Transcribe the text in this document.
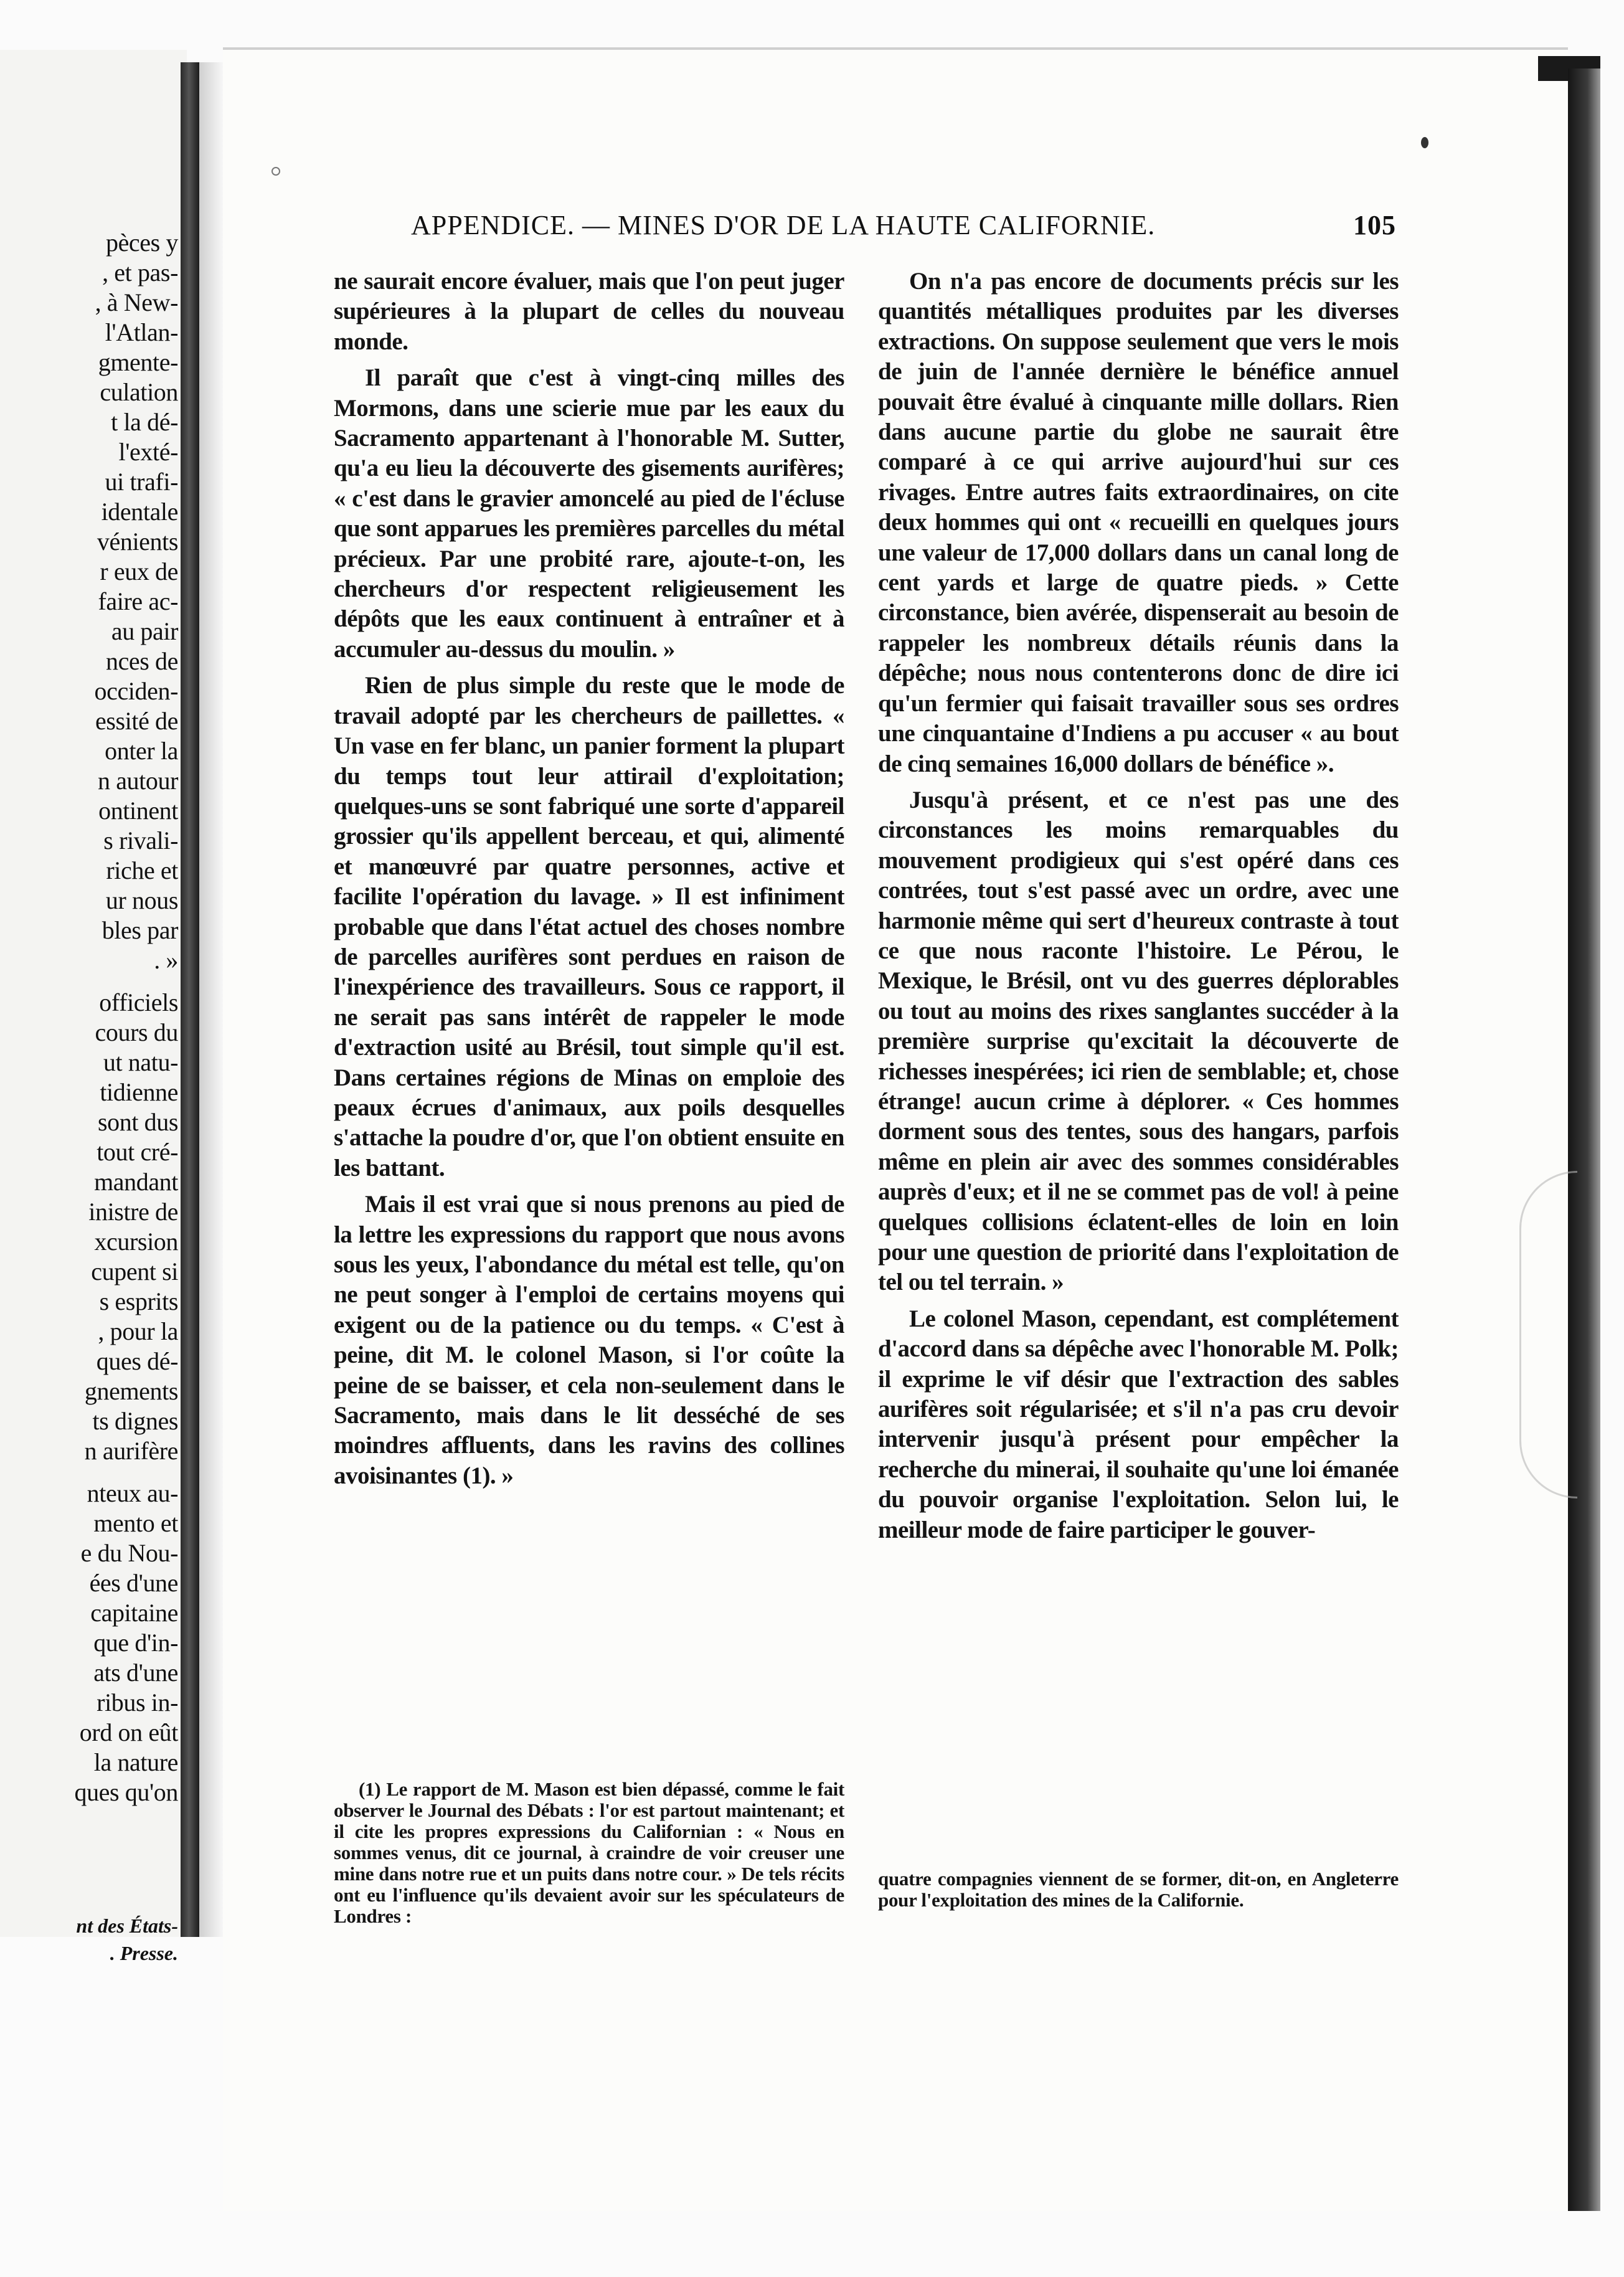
pèces y
, et pas-
, à New-
l'Atlan-
gmente-
culation
t la dé-
l'exté-
ui trafi-
identale
vénients
r eux de
faire ac-
au pair
nces de
occiden-
essité de
onter la
n autour
ontinent
s rivali-
riche et
ur nous
bles par
. »
officiels
cours du
ut natu-
tidienne
sont dus
tout cré-
mandant
inistre de
xcursion
cupent si
s esprits
, pour la
ques dé-
gnements
ts dignes
n aurifère
nteux au-
mento et
e du Nou-
ées d'une
capitaine
que d'in-
ats d'une
ribus in-
ord on eût
la nature
ques qu'on
nt des États-
. Presse.
APPENDICE. — MINES D'OR DE LA HAUTE CALIFORNIE.	105

ne saurait encore évaluer, mais que l'on peut juger supérieures à la plupart de celles du nouveau monde.

Il paraît que c'est à vingt-cinq milles des Mormons, dans une scierie mue par les eaux du Sacramento appartenant à l'honorable M. Sutter, qu'a eu lieu la découverte des gisements aurifères; « c'est dans le gravier amoncelé au pied de l'écluse que sont apparues les premières parcelles du métal précieux. Par une probité rare, ajoute-t-on, les chercheurs d'or respectent religieusement les dépôts que les eaux continuent à entraîner et à accumuler au-dessus du moulin. »

Rien de plus simple du reste que le mode de travail adopté par les chercheurs de paillettes. « Un vase en fer blanc, un panier forment la plupart du temps tout leur attirail d'exploitation; quelques-uns se sont fabriqué une sorte d'appareil grossier qu'ils appellent berceau, et qui, alimenté et manœuvré par quatre personnes, active et facilite l'opération du lavage. » Il est infiniment probable que dans l'état actuel des choses nombre de parcelles aurifères sont perdues en raison de l'inexpérience des travailleurs. Sous ce rapport, il ne serait pas sans intérêt de rappeler le mode d'extraction usité au Brésil, tout simple qu'il est. Dans certaines régions de Minas on emploie des peaux écrues d'animaux, aux poils desquelles s'attache la poudre d'or, que l'on obtient ensuite en les battant.

Mais il est vrai que si nous prenons au pied de la lettre les expressions du rapport que nous avons sous les yeux, l'abondance du métal est telle, qu'on ne peut songer à l'emploi de certains moyens qui exigent ou de la patience ou du temps. « C'est à peine, dit M. le colonel Mason, si l'or coûte la peine de se baisser, et cela non-seulement dans le Sacramento, mais dans le lit desséché de ses moindres affluents, dans les ravins des collines avoisinantes (1). »

(1) Le rapport de M. Mason est bien dépassé, comme le fait observer le Journal des Débats : l'or est partout maintenant; et il cite les propres expressions du Californian : « Nous en sommes venus, dit ce journal, à craindre de voir creuser une mine dans notre rue et un puits dans notre cour. » De tels récits ont eu l'influence qu'ils devaient avoir sur les spéculateurs de Londres :

On n'a pas encore de documents précis sur les quantités métalliques produites par les diverses extractions. On suppose seulement que vers le mois de juin de l'année dernière le bénéfice annuel pouvait être évalué à cinquante mille dollars. Rien dans aucune partie du globe ne saurait être comparé à ce qui arrive aujourd'hui sur ces rivages. Entre autres faits extraordinaires, on cite deux hommes qui ont « recueilli en quelques jours une valeur de 17,000 dollars dans un canal long de cent yards et large de quatre pieds. » Cette circonstance, bien avérée, dispenserait au besoin de rappeler les nombreux détails réunis dans la dépêche; nous nous contenterons donc de dire ici qu'un fermier qui faisait travailler sous ses ordres une cinquantaine d'Indiens a pu accuser « au bout de cinq semaines 16,000 dollars de bénéfice ».

Jusqu'à présent, et ce n'est pas une des circonstances les moins remarquables du mouvement prodigieux qui s'est opéré dans ces contrées, tout s'est passé avec un ordre, avec une harmonie même qui sert d'heureux contraste à tout ce que nous raconte l'histoire. Le Pérou, le Mexique, le Brésil, ont vu des guerres déplorables ou tout au moins des rixes sanglantes succéder à la première surprise qu'excitait la découverte de richesses inespérées; ici rien de semblable; et, chose étrange! aucun crime à déplorer. « Ces hommes dorment sous des tentes, sous des hangars, parfois même en plein air avec des sommes considérables auprès d'eux; et il ne se commet pas de vol! à peine quelques collisions éclatent-elles de loin en loin pour une question de priorité dans l'exploitation de tel ou tel terrain. »

Le colonel Mason, cependant, est complétement d'accord dans sa dépêche avec l'honorable M. Polk; il exprime le vif désir que l'extraction des sables aurifères soit régularisée; et s'il n'a pas cru devoir intervenir jusqu'à présent pour empêcher la recherche du minerai, il souhaite qu'une loi émanée du pouvoir organise l'exploitation. Selon lui, le meilleur mode de faire participer le gouver-

quatre compagnies viennent de se former, dit-on, en Angleterre pour l'exploitation des mines de la Californie.
